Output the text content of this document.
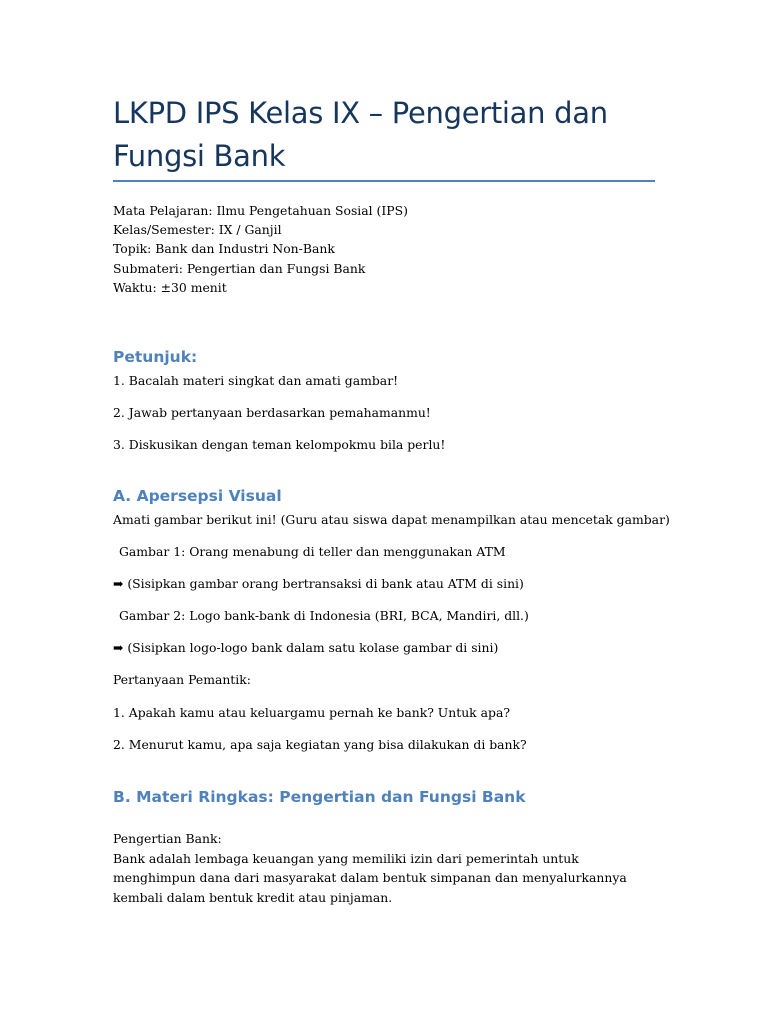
LKPD IPS Kelas IX – Pengertian dan Fungsi Bank
Mata Pelajaran: Ilmu Pengetahuan Sosial (IPS)
Kelas/Semester: IX / Ganjil
Topik: Bank dan Industri Non-Bank
Submateri: Pengertian dan Fungsi Bank
Waktu: ±30 menit
Petunjuk:
1. Bacalah materi singkat dan amati gambar!
2. Jawab pertanyaan berdasarkan pemahamanmu!
3. Diskusikan dengan teman kelompokmu bila perlu!
A. Apersepsi Visual
Amati gambar berikut ini! (Guru atau siswa dapat menampilkan atau mencetak gambar)
Gambar 1: Orang menabung di teller dan menggunakan ATM
➡ (Sisipkan gambar orang bertransaksi di bank atau ATM di sini)
Gambar 2: Logo bank-bank di Indonesia (BRI, BCA, Mandiri, dll.)
➡ (Sisipkan logo-logo bank dalam satu kolase gambar di sini)
Pertanyaan Pemantik:
1. Apakah kamu atau keluargamu pernah ke bank? Untuk apa?
2. Menurut kamu, apa saja kegiatan yang bisa dilakukan di bank?
B. Materi Ringkas: Pengertian dan Fungsi Bank
Pengertian Bank:
Bank adalah lembaga keuangan yang memiliki izin dari pemerintah untuk menghimpun dana dari masyarakat dalam bentuk simpanan dan menyalurkannya kembali dalam bentuk kredit atau pinjaman.
